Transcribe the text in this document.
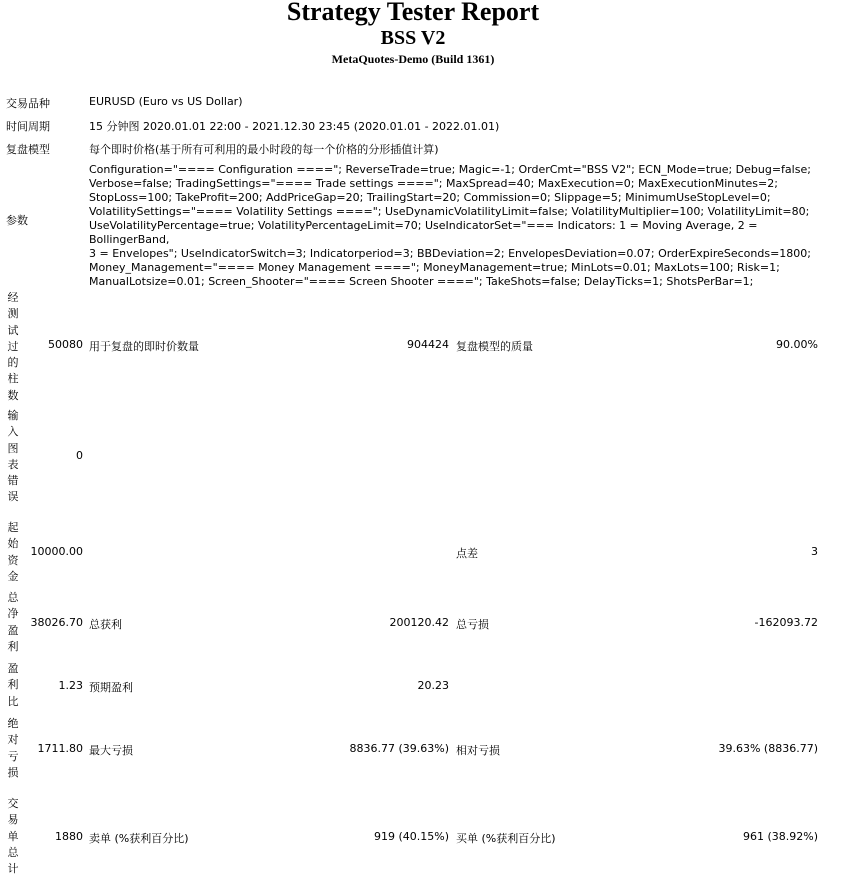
Strategy Tester Report
BSS V2
MetaQuotes-Demo (Build 1361)
交易品种	EURUSD (Euro vs US Dollar)
时间周期	15 分钟图 2020.01.01 22:00 - 2021.12.30 23:45 (2020.01.01 - 2022.01.01)
复盘模型	每个即时价格(基于所有可利用的最小时段的每一个价格的分形插值计算)
参数
Configuration="==== Configuration ===="; ReverseTrade=true; Magic=-1; OrderCmt="BSS V2"; ECN_Mode=true; Debug=false;
Verbose=false; TradingSettings="==== Trade settings ===="; MaxSpread=40; MaxExecution=0; MaxExecutionMinutes=2;
StopLoss=100; TakeProfit=200; AddPriceGap=20; TrailingStart=20; Commission=0; Slippage=5; MinimumUseStopLevel=0;
VolatilitySettings="==== Volatility Settings ===="; UseDynamicVolatilityLimit=false; VolatilityMultiplier=100; VolatilityLimit=80;
UseVolatilityPercentage=true; VolatilityPercentageLimit=70; UseIndicatorSet="=== Indicators: 1 = Moving Average, 2 = BollingerBand,
3 = Envelopes"; UseIndicatorSwitch=3; Indicatorperiod=3; BBDeviation=2; EnvelopesDeviation=0.07; OrderExpireSeconds=1800;
Money_Management="==== Money Management ===="; MoneyManagement=true; MinLots=0.01; MaxLots=100; Risk=1;
ManualLotsize=0.01; Screen_Shooter="==== Screen Shooter ===="; TakeShots=false; DelayTicks=1; ShotsPerBar=1;
经测试过的柱数
50080 用于复盘的即时价数量	904424 复盘模型的质量	90.00%
输入图表错误
0
起始资金
10000.00	点差	3
总净盈利
38026.70 总获利	200120.42 总亏损	-162093.72
盈利比
1.23 预期盈利	20.23
绝对亏损
1711.80 最大亏损	8836.77 (39.63%) 相对亏损	39.63% (8836.77)
交易单总计
1880 卖单 (%获利百分比)	919 (40.15%) 买单 (%获利百分比)	961 (38.92%)
